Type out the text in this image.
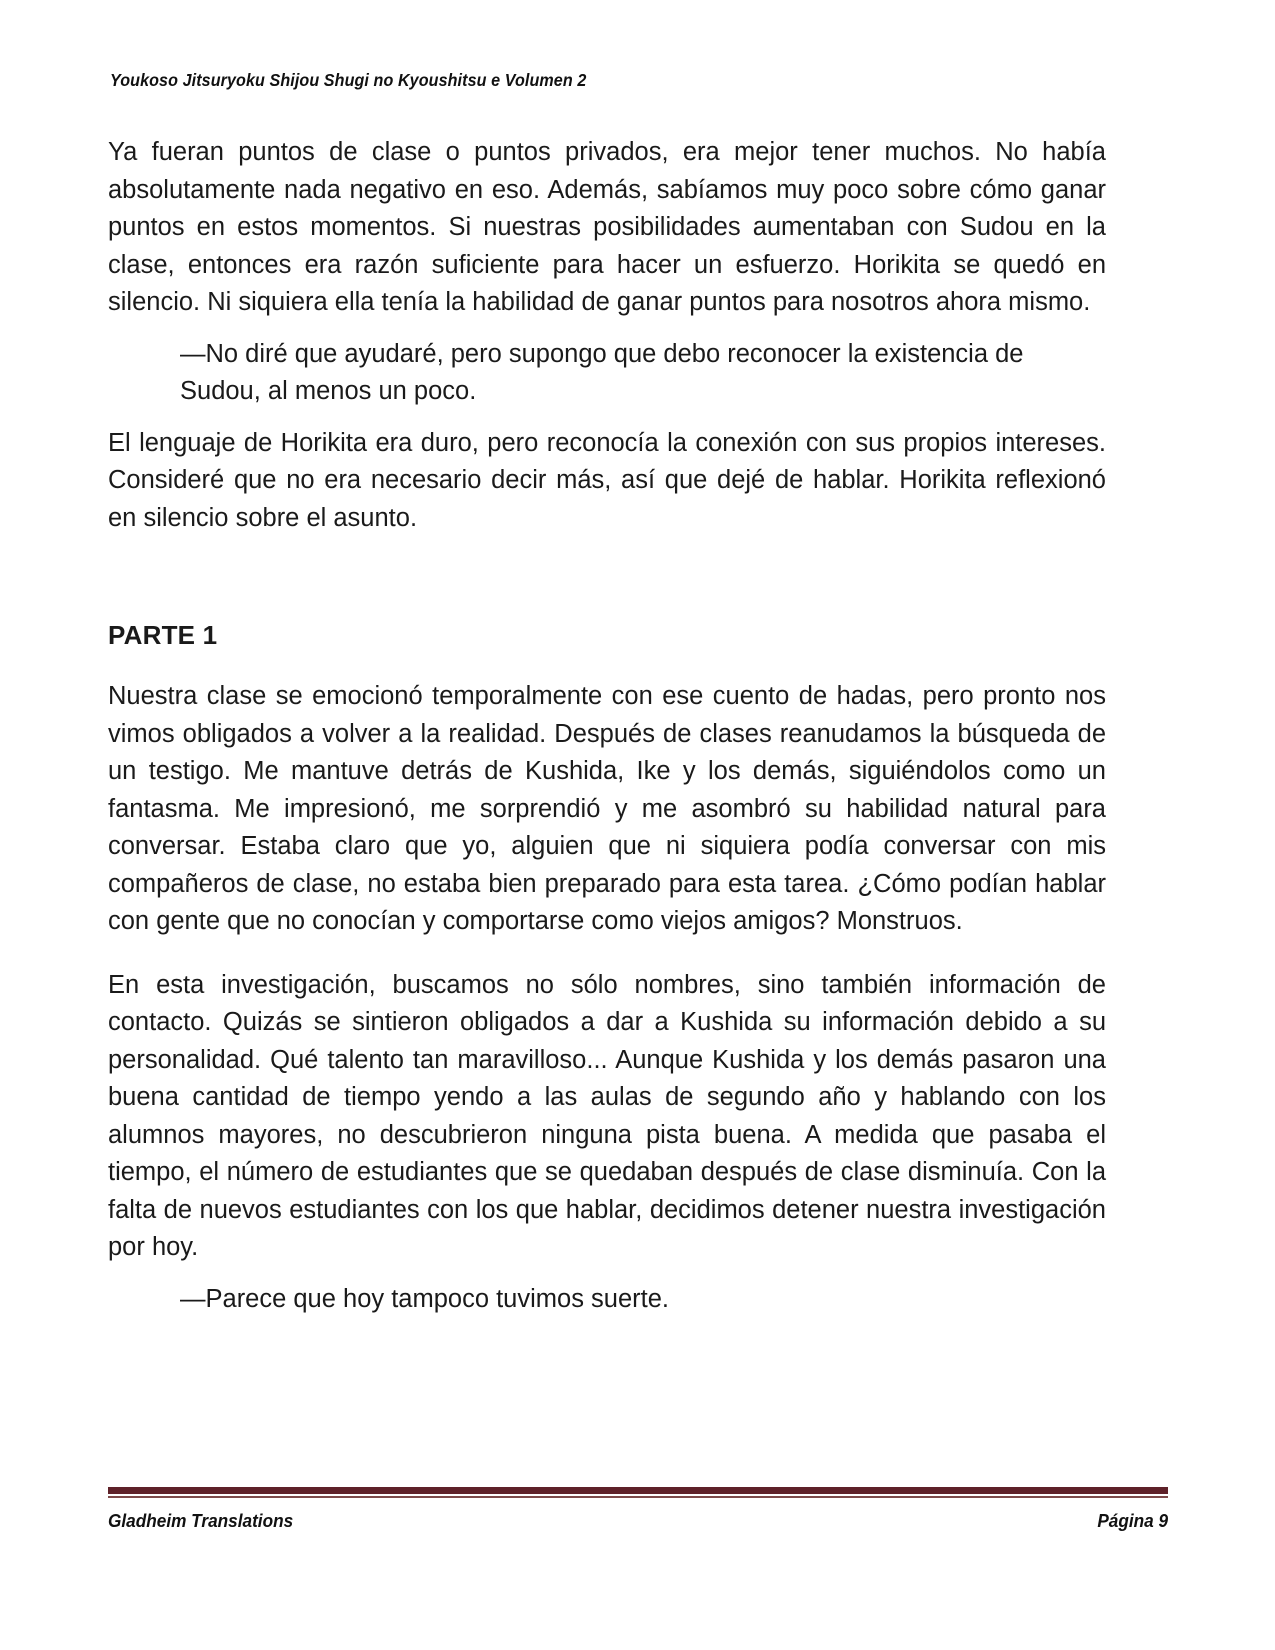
Youkoso Jitsuryoku Shijou Shugi no Kyoushitsu e Volumen 2

Ya fueran puntos de clase o puntos privados, era mejor tener muchos. No había absolutamente nada negativo en eso. Además, sabíamos muy poco sobre cómo ganar puntos en estos momentos. Si nuestras posibilidades aumentaban con Sudou en la clase, entonces era razón suficiente para hacer un esfuerzo. Horikita se quedó en silencio. Ni siquiera ella tenía la habilidad de ganar puntos para nosotros ahora mismo.

—No diré que ayudaré, pero supongo que debo reconocer la existencia de Sudou, al menos un poco.

El lenguaje de Horikita era duro, pero reconocía la conexión con sus propios intereses. Consideré que no era necesario decir más, así que dejé de hablar. Horikita reflexionó en silencio sobre el asunto.

PARTE 1

Nuestra clase se emocionó temporalmente con ese cuento de hadas, pero pronto nos vimos obligados a volver a la realidad. Después de clases reanudamos la búsqueda de un testigo. Me mantuve detrás de Kushida, Ike y los demás, siguiéndolos como un fantasma. Me impresionó, me sorprendió y me asombró su habilidad natural para conversar. Estaba claro que yo, alguien que ni siquiera podía conversar con mis compañeros de clase, no estaba bien preparado para esta tarea. ¿Cómo podían hablar con gente que no conocían y comportarse como viejos amigos? Monstruos.

En esta investigación, buscamos no sólo nombres, sino también información de contacto. Quizás se sintieron obligados a dar a Kushida su información debido a su personalidad. Qué talento tan maravilloso... Aunque Kushida y los demás pasaron una buena cantidad de tiempo yendo a las aulas de segundo año y hablando con los alumnos mayores, no descubrieron ninguna pista buena. A medida que pasaba el tiempo, el número de estudiantes que se quedaban después de clase disminuía. Con la falta de nuevos estudiantes con los que hablar, decidimos detener nuestra investigación por hoy.

—Parece que hoy tampoco tuvimos suerte.

Gladheim Translations	Página 9
